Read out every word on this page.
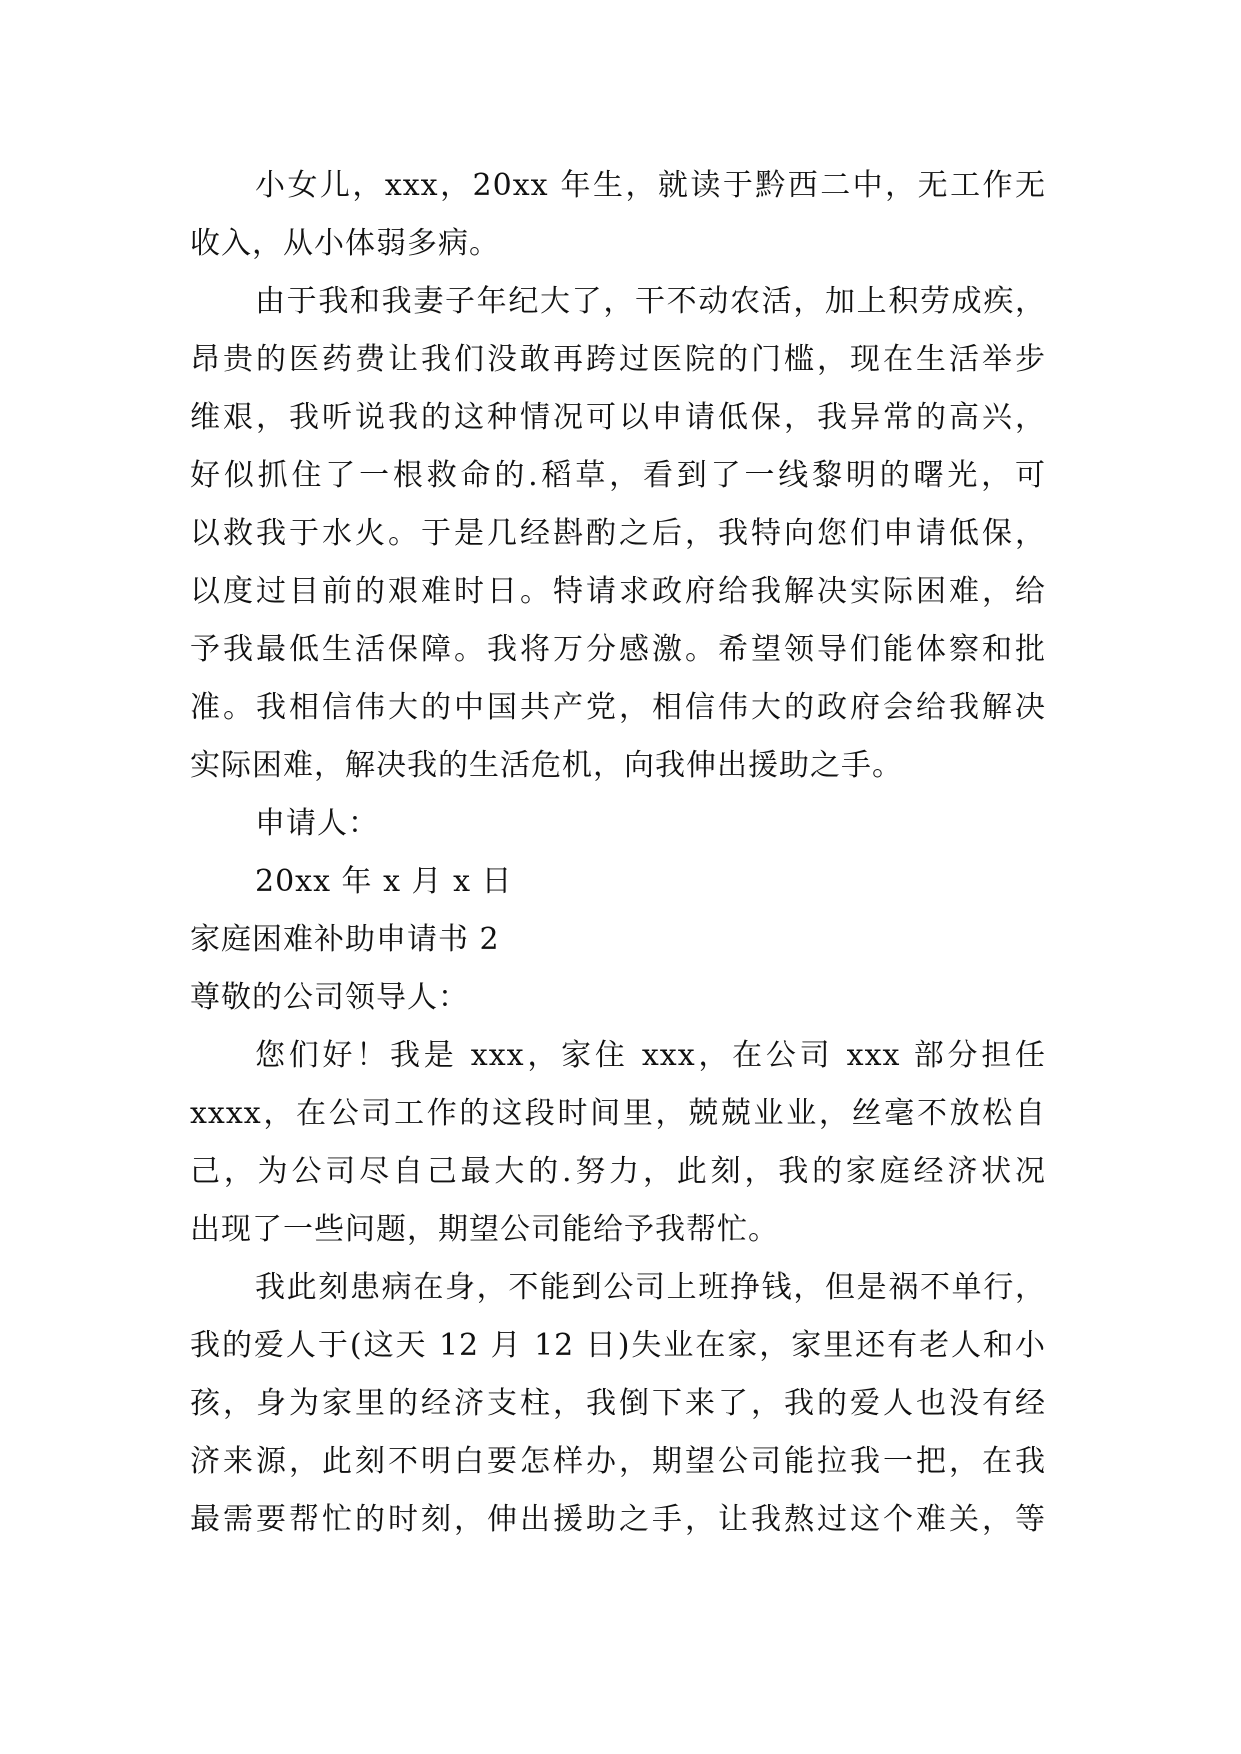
小女儿，xxx，20xx 年生，就读于黔西二中，无工作无
收入，从小体弱多病。
由于我和我妻子年纪大了，干不动农活，加上积劳成疾，
昂贵的医药费让我们没敢再跨过医院的门槛，现在生活举步
维艰，我听说我的这种情况可以申请低保，我异常的高兴，
好似抓住了一根救命的.稻草，看到了一线黎明的曙光，可
以救我于水火。于是几经斟酌之后，我特向您们申请低保，
以度过目前的艰难时日。特请求政府给我解决实际困难，给
予我最低生活保障。我将万分感激。希望领导们能体察和批
准。我相信伟大的中国共产党，相信伟大的政府会给我解决
实际困难，解决我的生活危机，向我伸出援助之手。
申请人：
20xx 年 x 月 x 日
家庭困难补助申请书 2
尊敬的公司领导人：
您们好！我是 xxx，家住 xxx，在公司 xxx 部分担任
xxxx，在公司工作的这段时间里，兢兢业业，丝毫不放松自
己，为公司尽自己最大的.努力，此刻，我的家庭经济状况
出现了一些问题，期望公司能给予我帮忙。
我此刻患病在身，不能到公司上班挣钱，但是祸不单行，
我的爱人于(这天 12 月 12 日)失业在家，家里还有老人和小
孩，身为家里的经济支柱，我倒下来了，我的爱人也没有经
济来源，此刻不明白要怎样办，期望公司能拉我一把，在我
最需要帮忙的时刻，伸出援助之手，让我熬过这个难关，等
